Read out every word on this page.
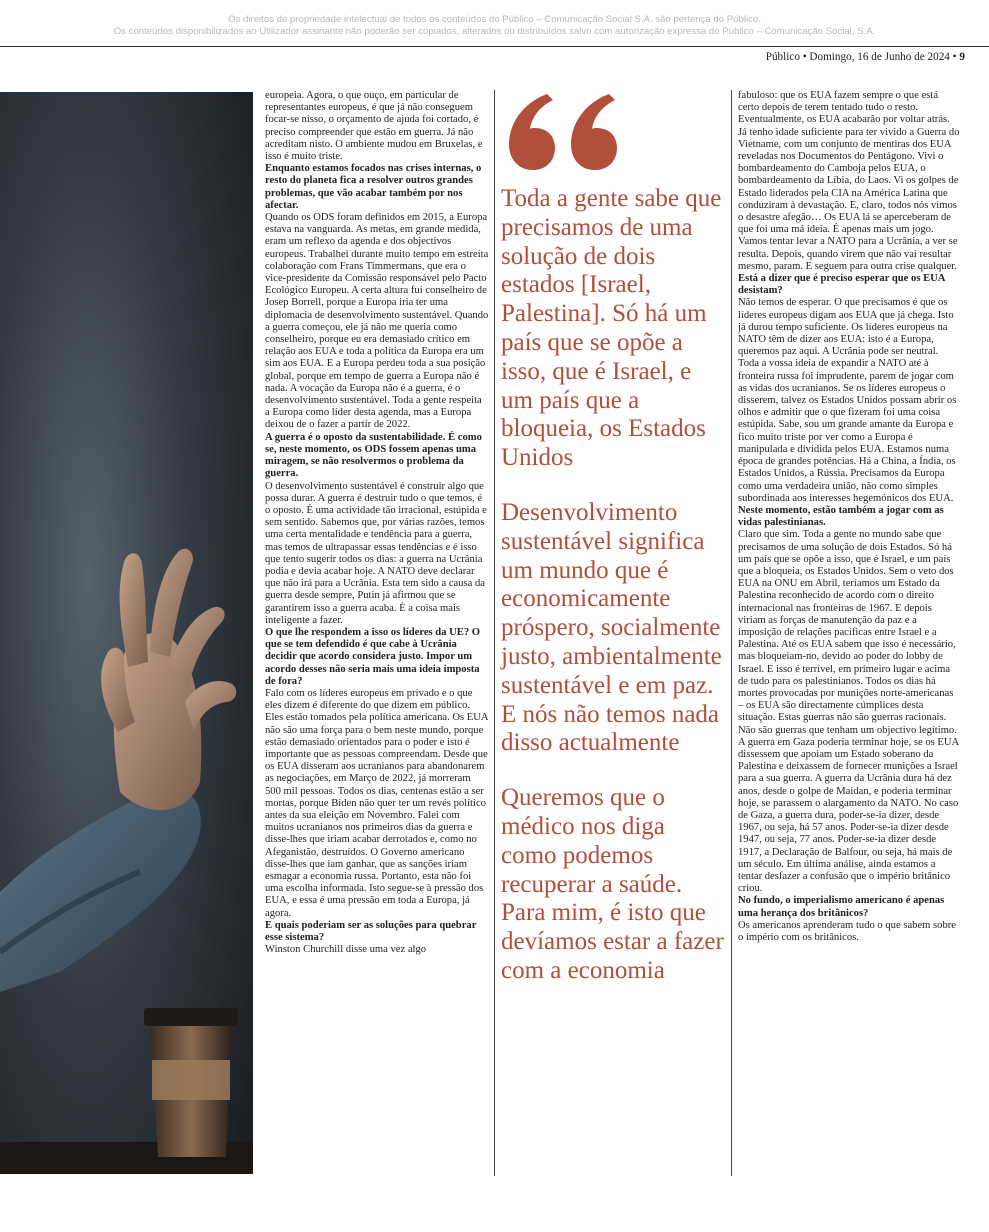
Os direitos de propriedade intelectual de todos os conteúdos do Público – Comunicação Social S.A. são pertença do Público.
Os conteúdos disponibilizados ao Utilizador assinante não poderão ser copiados, alterados ou distribuídos salvo com autorização expressa do Público – Comunicação Social, S.A.
Público • Domingo, 16 de Junho de 2024 • 9

europeia. Agora, o que ouço, em particular de representantes europeus, é que já não conseguem focar-se nisso, o orçamento de ajuda foi cortado, é preciso compreender que estão em guerra. Já não acreditam nisto. O ambiente mudou em Bruxelas, e isso é muito triste.

Enquanto estamos focados nas crises internas, o resto do planeta fica a resolver outros grandes problemas, que vão acabar também por nos afectar.

Quando os ODS foram definidos em 2015, a Europa estava na vanguarda. As metas, em grande medida, eram um reflexo da agenda e dos objectivos europeus. Trabalhei durante muito tempo em estreita colaboração com Frans Timmermans, que era o vice-presidente da Comissão responsável pelo Pacto Ecológico Europeu. A certa altura fui conselheiro de Josep Borrell, porque a Europa iria ter uma diplomacia de desenvolvimento sustentável. Quando a guerra começou, ele já não me queria como conselheiro, porque eu era demasiado crítico em relação aos EUA e toda a política da Europa era um sim aos EUA. E a Europa perdeu toda a sua posição global, porque em tempo de guerra a Europa não é nada. A vocação da Europa não é a guerra, é o desenvolvimento sustentável. Toda a gente respeita a Europa como líder desta agenda, mas a Europa deixou de o fazer a partir de 2022.

A guerra é o oposto da sustentabilidade. É como se, neste momento, os ODS fossem apenas uma miragem, se não resolvermos o problema da guerra.

O desenvolvimento sustentável é construir algo que possa durar. A guerra é destruir tudo o que temos, é o oposto. É uma actividade tão irracional, estúpida e sem sentido. Sabemos que, por várias razões, temos uma certa mentalidade e tendência para a guerra, mas temos de ultrapassar essas tendências e é isso que tento sugerir todos os dias: a guerra na Ucrânia podia e devia acabar hoje. A NATO deve declarar que não irá para a Ucrânia. Esta tem sido a causa da guerra desde sempre, Putin já afirmou que se garantirem isso a guerra acaba. É a coisa mais inteligente a fazer.

O que lhe respondem a isso os líderes da UE? O que se tem defendido é que cabe à Ucrânia decidir que acordo considera justo. Impor um acordo desses não seria mais uma ideia imposta de fora?

Falo com os líderes europeus em privado e o que eles dizem é diferente do que dizem em público. Eles estão tomados pela política americana. Os EUA não são uma força para o bem neste mundo, porque estão demasiado orientados para o poder e isto é importante que as pessoas compreendam. Desde que os EUA disseram aos ucranianos para abandonarem as negociações, em Março de 2022, já morreram 500 mil pessoas. Todos os dias, centenas estão a ser mortas, porque Biden não quer ter um revés político antes da sua eleição em Novembro. Falei com muitos ucranianos nos primeiros dias da guerra e disse-lhes que iriam acabar derrotados e, como no Afeganistão, destruídos. O Governo americano disse-lhes que iam ganhar, que as sanções iriam esmagar a economia russa. Portanto, esta não foi uma escolha informada. Isto segue-se à pressão dos EUA, e essa é uma pressão em toda a Europa, já agora.

E quais poderiam ser as soluções para quebrar esse sistema?

Winston Churchill disse uma vez algo

Toda a gente sabe que precisamos de uma solução de dois estados [Israel, Palestina]. Só há um país que se opõe a isso, que é Israel, e um país que a bloqueia, os Estados Unidos

Desenvolvimento sustentável significa um mundo que é economicamente próspero, socialmente justo, ambientalmente sustentável e em paz. E nós não temos nada disso actualmente

Queremos que o médico nos diga como podemos recuperar a saúde. Para mim, é isto que devíamos estar a fazer com a economia

fabuloso: que os EUA fazem sempre o que está certo depois de terem tentado tudo o resto. Eventualmente, os EUA acabarão por voltar atrás. Já tenho idade suficiente para ter vivido a Guerra do Vietname, com um conjunto de mentiras dos EUA reveladas nos Documentos do Pentágono. Vivi o bombardeamento do Camboja pelos EUA, o bombardeamento da Líbia, do Laos. Vi os golpes de Estado liderados pela CIA na América Latina que conduziram à devastação. E, claro, todos nós vimos o desastre afegão… Os EUA lá se aperceberam de que foi uma má ideia. É apenas mais um jogo. Vamos tentar levar a NATO para a Ucrânia, a ver se resulta. Depois, quando virem que não vai resultar mesmo, param. E seguem para outra crise qualquer.

Está a dizer que é preciso esperar que os EUA desistam?

Não temos de esperar. O que precisamos é que os líderes europeus digam aos EUA que já chega. Isto já durou tempo suficiente. Os líderes europeus na NATO têm de dizer aos EUA: isto é a Europa, queremos paz aqui. A Ucrânia pode ser neutral. Toda a vossa ideia de expandir a NATO até à fronteira russa foi imprudente, parem de jogar com as vidas dos ucranianos. Se os líderes europeus o disserem, talvez os Estados Unidos possam abrir os olhos e admitir que o que fizeram foi uma coisa estúpida. Sabe, sou um grande amante da Europa e fico muito triste por ver como a Europa é manipulada e dividida pelos EUA. Estamos numa época de grandes potências. Há a China, a Índia, os Estados Unidos, a Rússia. Precisamos da Europa como uma verdadeira união, não como simples subordinada aos interesses hegemónicos dos EUA.

Neste momento, estão também a jogar com as vidas palestinianas.

Claro que sim. Toda a gente no mundo sabe que precisamos de uma solução de dois Estados. Só há um país que se opõe a isso, que é Israel, e um país que a bloqueia, os Estados Unidos. Sem o veto dos EUA na ONU em Abril, teríamos um Estado da Palestina reconhecido de acordo com o direito internacional nas fronteiras de 1967. E depois viriam as forças de manutenção da paz e a imposição de relações pacíficas entre Israel e a Palestina. Até os EUA sabem que isso é necessário, mas bloqueiam-no, devido ao poder do lobby de Israel. E isso é terrível, em primeiro lugar e acima de tudo para os palestinianos. Todos os dias há mortes provocadas por munições norte-americanas – os EUA são directamente cúmplices desta situação. Estas guerras não são guerras racionais. Não são guerras que tenham um objectivo legítimo. A guerra em Gaza poderia terminar hoje, se os EUA dissessem que apoiam um Estado soberano da Palestina e deixassem de fornecer munições a Israel para a sua guerra. A guerra da Ucrânia dura há dez anos, desde o golpe de Maidan, e poderia terminar hoje, se parassem o alargamento da NATO. No caso de Gaza, a guerra dura, poder-se-ia dizer, desde 1967, ou seja, há 57 anos. Poder-se-ia dizer desde 1947, ou seja, 77 anos. Poder-se-ia dizer desde 1917, a Declaração de Balfour, ou seja, há mais de um século. Em última análise, ainda estamos a tentar desfazer a confusão que o império britânico criou.

No fundo, o imperialismo americano é apenas uma herança dos britânicos?

Os americanos aprenderam tudo o que sabem sobre o império com os britânicos.
